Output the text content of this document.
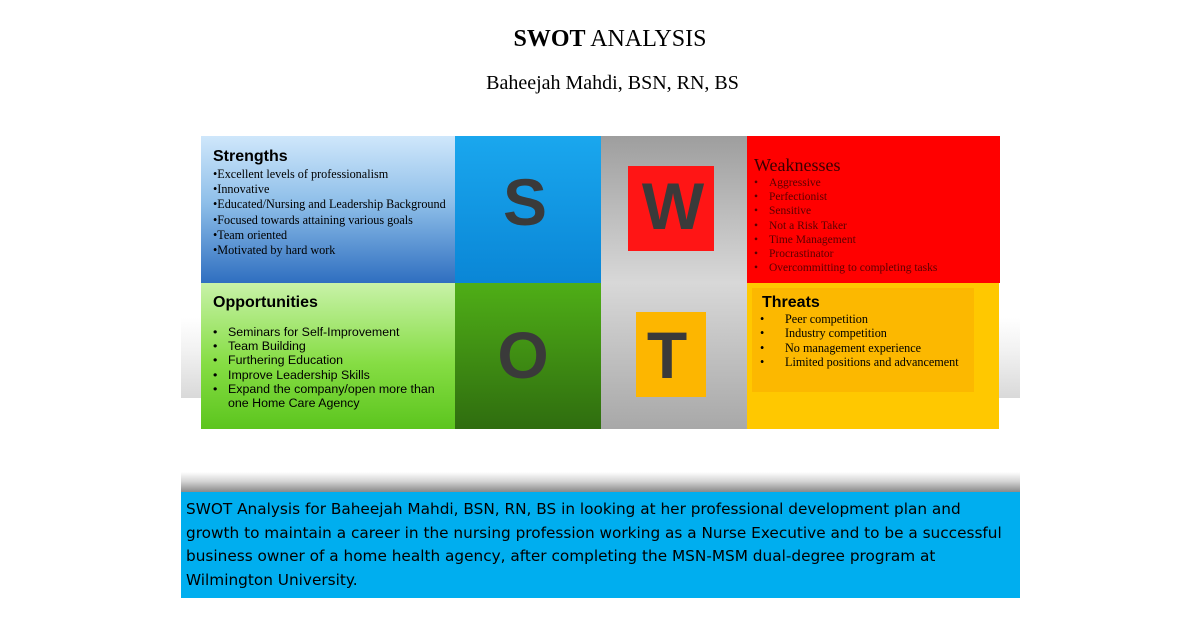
SWOT ANALYSIS
Baheejah Mahdi, BSN, RN, BS
S W
O T
Strengths
•Excellent levels of professionalism
•Innovative
•Educated/Nursing and Leadership Background
•Focused towards attaining various goals
•Team oriented
•Motivated by hard work
Weaknesses
• Aggressive
• Perfectionist
• Sensitive
• Not a Risk Taker
• Time Management
• Procrastinator
• Overcommitting to completing tasks
Opportunities
• Seminars for Self-Improvement
• Team Building
• Furthering Education
• Improve Leadership Skills
• Expand the company/open more than one Home Care Agency
Threats
• Peer competition
• Industry competition
• No management experience
• Limited positions and advancement
SWOT Analysis for Baheejah Mahdi, BSN, RN, BS in looking at her professional development plan and growth to maintain a career in the nursing profession working as a Nurse Executive and to be a successful business owner of a home health agency, after completing the MSN-MSM dual-degree program at Wilmington University.
